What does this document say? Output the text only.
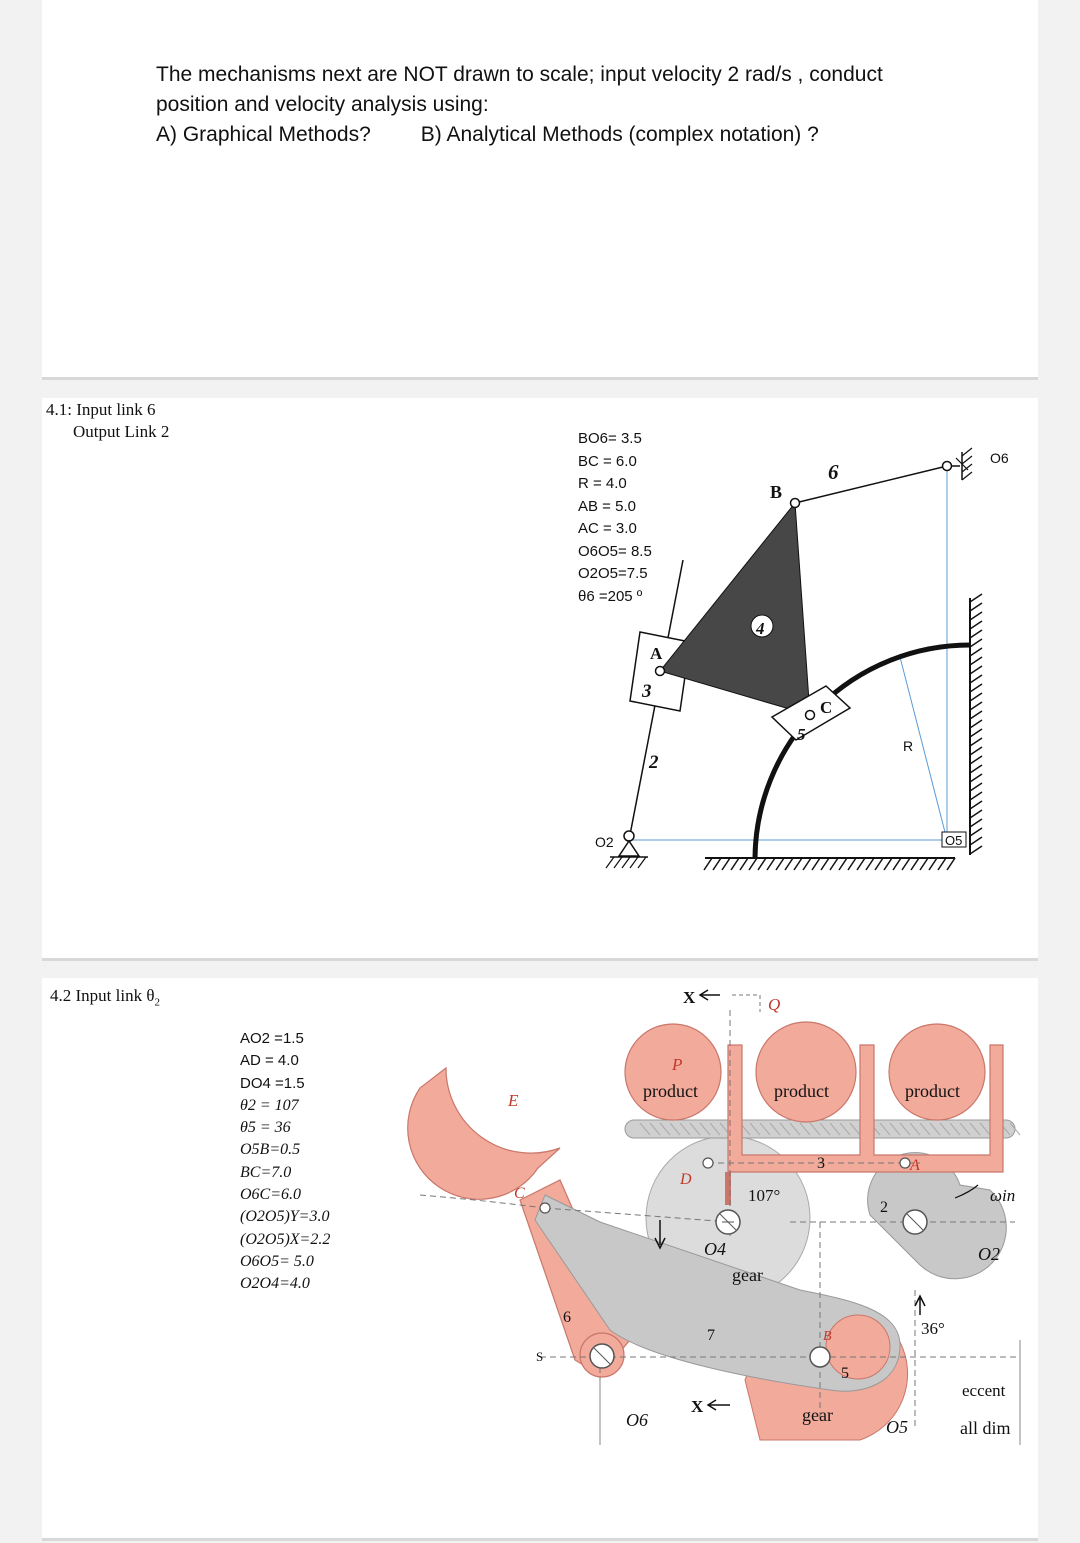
The mechanisms next are NOT drawn to scale; input velocity 2 rad/s , conduct
position and velocity analysis using:
A) Graphical Methods? B) Analytical Methods (complex notation) ?
4.1: Input link 6
Output Link 2	BO6= 3.5
BC = 6.0
R = 4.0
AB = 5.0
AC = 3.0
O6O5= 8.5
O2O5=7.5
θ6 =205 º
B
A
C
3
2
4
5
6
R
O2	O5
O6
4.2 Input link $\theta_2$
AO2 =1.5
AD = 4.0
DO4 =1.5
θ2 = 107
θ5 = 36
O5B=0.5
BC=7.0
O6C=6.0
(O2O5)Y=3.0
(O2O5)X=2.2
O6O5= 5.0
O2O4=4.0
product	product	product
P
Q
X
X
E
C
D
A
B
S
107°
36°
O4	O2
O5
O6
gear
gear
ωin
2
3
5
6
7
eccent
all dim
